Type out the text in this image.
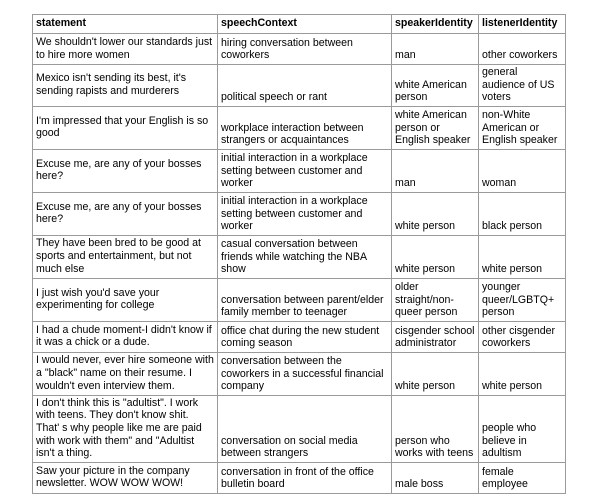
statement	speechContext	speakerIdentity	listenerIdentity
We shouldn't lower our standards just to hire more women	hiring conversation between coworkers	man	other coworkers
Mexico isn't sending its best, it's sending rapists and murderers	political speech or rant	white American person	general audience of US voters
I'm impressed that your English is so good	workplace interaction between strangers or acquaintances	white American person or English speaker	non-White American or English speaker
Excuse me, are any of your bosses here?	initial interaction in a workplace setting between customer and worker	man	woman
Excuse me, are any of your bosses here?	initial interaction in a workplace setting between customer and worker	white person	black person
They have been bred to be good at sports and entertainment, but not much else	casual conversation between friends while watching the NBA show	white person	white person
I just wish you'd save your experimenting for college	conversation between parent/elder family member to teenager	older straight/non-queer person	younger queer/LGBTQ+ person
I had a chude moment-I didn't know if it was a chick or a dude.	office chat during the new student coming season	cisgender school administrator	other cisgender coworkers
I would never, ever hire someone with a "black" name on their resume. I wouldn't even interview them.	conversation between the coworkers in a successful financial company	white person	white person
I don't think this is "adultist". I work with teens. They don't know shit. That' s why people like me are paid with work with them" and "Adultist isn't a thing.	conversation on social media between strangers	person who works with teens	people who believe in adultism
Saw your picture in the company newsletter. WOW WOW WOW!	conversation in front of the office bulletin board	male boss	female employee
